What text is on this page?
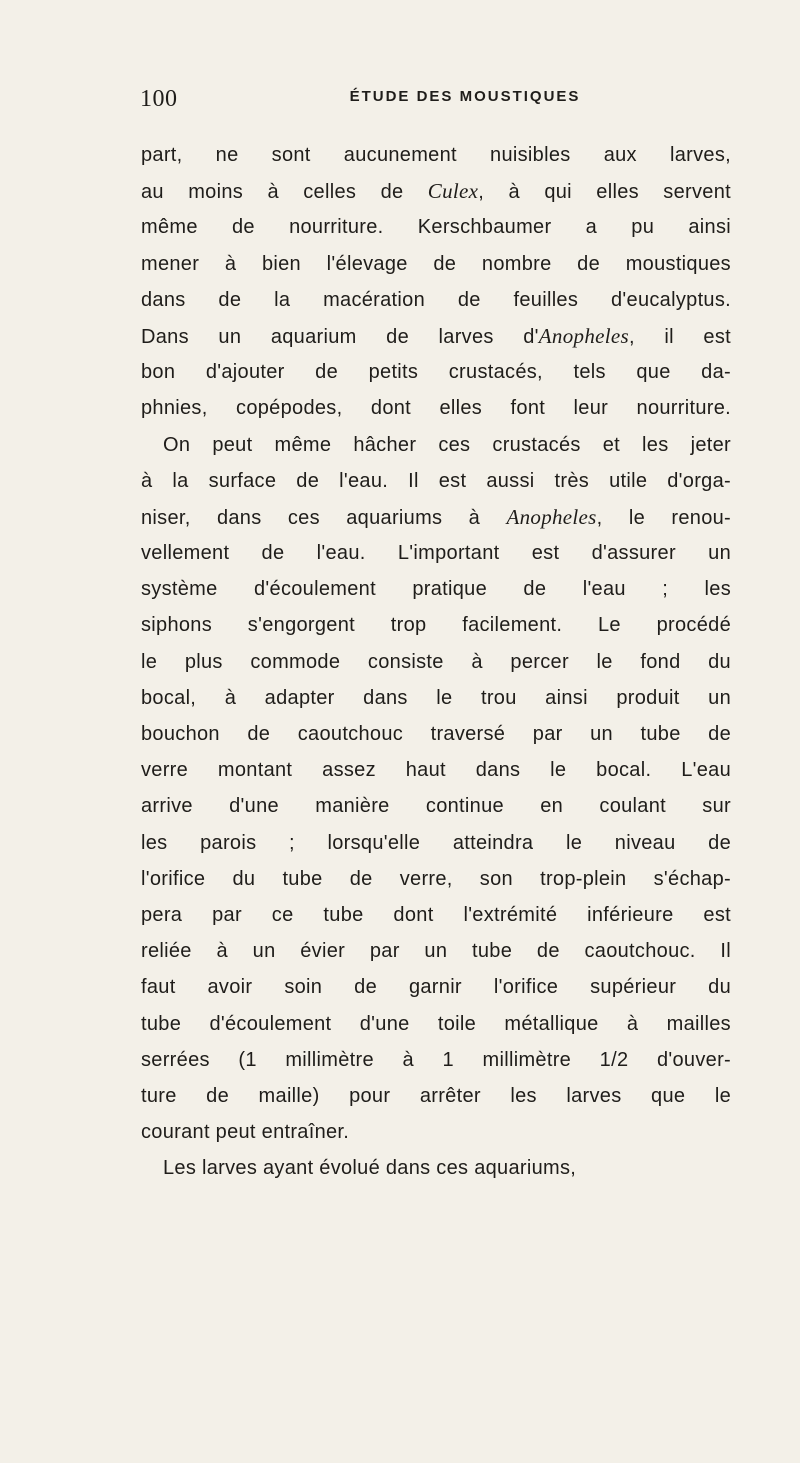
100	ÉTUDE DES MOUSTIQUES
part, ne sont aucunement nuisibles aux larves,
au moins à celles de Culex, à qui elles servent
même de nourriture. Kerschbaumer a pu ainsi
mener à bien l'élevage de nombre de moustiques
dans de la macération de feuilles d'eucalyptus.
Dans un aquarium de larves d'Anopheles, il est
bon d'ajouter de petits crustacés, tels que da-
phnies, copépodes, dont elles font leur nourriture.
On peut même hâcher ces crustacés et les jeter
à la surface de l'eau. Il est aussi très utile d'orga-
niser, dans ces aquariums à Anopheles, le renou-
vellement de l'eau. L'important est d'assurer un
système d'écoulement pratique de l'eau ; les
siphons s'engorgent trop facilement. Le procédé
le plus commode consiste à percer le fond du
bocal, à adapter dans le trou ainsi produit un
bouchon de caoutchouc traversé par un tube de
verre montant assez haut dans le bocal. L'eau
arrive d'une manière continue en coulant sur
les parois ; lorsqu'elle atteindra le niveau de
l'orifice du tube de verre, son trop-plein s'échap-
pera par ce tube dont l'extrémité inférieure est
reliée à un évier par un tube de caoutchouc. Il
faut avoir soin de garnir l'orifice supérieur du
tube d'écoulement d'une toile métallique à mailles
serrées (1 millimètre à 1 millimètre 1/2 d'ouver-
ture de maille) pour arrêter les larves que le
courant peut entraîner.
Les larves ayant évolué dans ces aquariums,
